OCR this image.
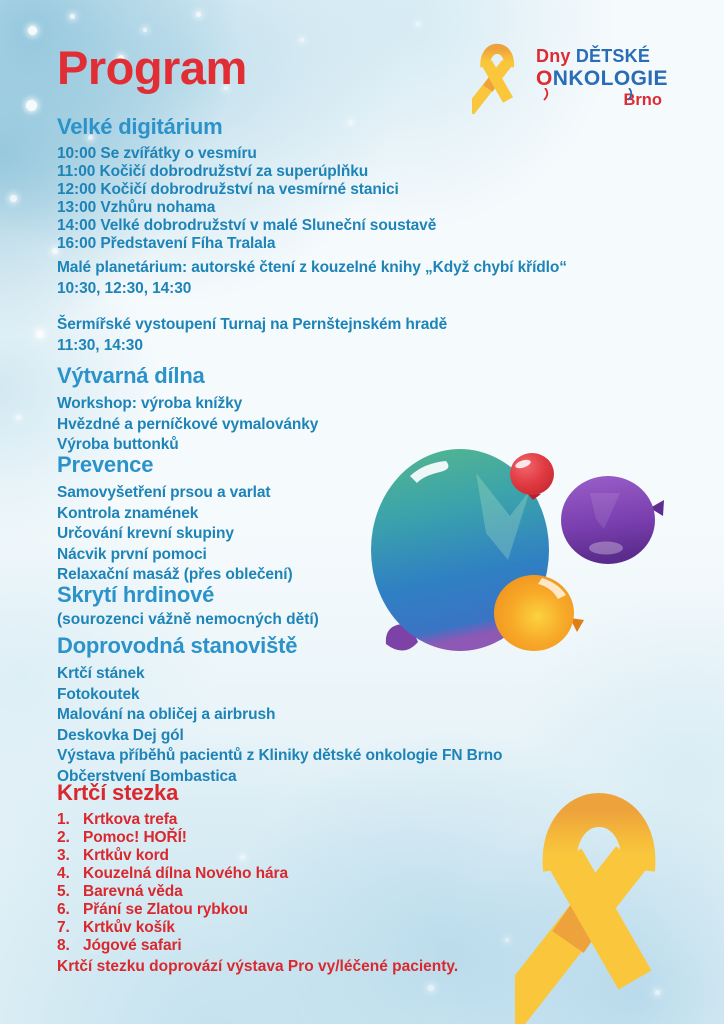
Dny DĚTSKÉ
ONKOLOGIE
Brno
Program
Velké digitárium

10:00 Se zvířátky o vesmíru

11:00 Kočičí dobrodružství za superúplňku

12:00 Kočičí dobrodružství na vesmírné stanici

13:00 Vzhůru nohama

14:00 Velké dobrodružství v malé Sluneční soustavě

16:00 Představení Fíha Tralala

Malé planetárium: autorské čtení z kouzelné knihy „Když chybí křídlo“

10:30, 12:30, 14:30

Šermířské vystoupení Turnaj na Pernštejnském hradě

11:30, 14:30

Výtvarná dílna

Workshop: výroba knížky

Hvězdné a perníčkové vymalovánky

Výroba buttonků

Prevence

Samovyšetření prsou a varlat

Kontrola znamének

Určování krevní skupiny

Nácvik první pomoci

Relaxační masáž (přes oblečení)

Skrytí hrdinové

(sourozenci vážně nemocných dětí)

Doprovodná stanoviště

Krtčí stánek

Fotokoutek

Malování na obličej a airbrush

Deskovka Dej gól

Výstava příběhů pacientů z Kliniky dětské onkologie FN Brno

Občerstvení Bombastica

Krtčí stezka
1. Krtkova trefa
2. Pomoc! HOŘÍ!
3. Krtkův kord
4. Kouzelná dílna Nového hára
5. Barevná věda
6. Přání se Zlatou rybkou
7. Krtkův košík
8. Jógové safari

Krtčí stezku doprovází výstava Pro vy/léčené pacienty.
